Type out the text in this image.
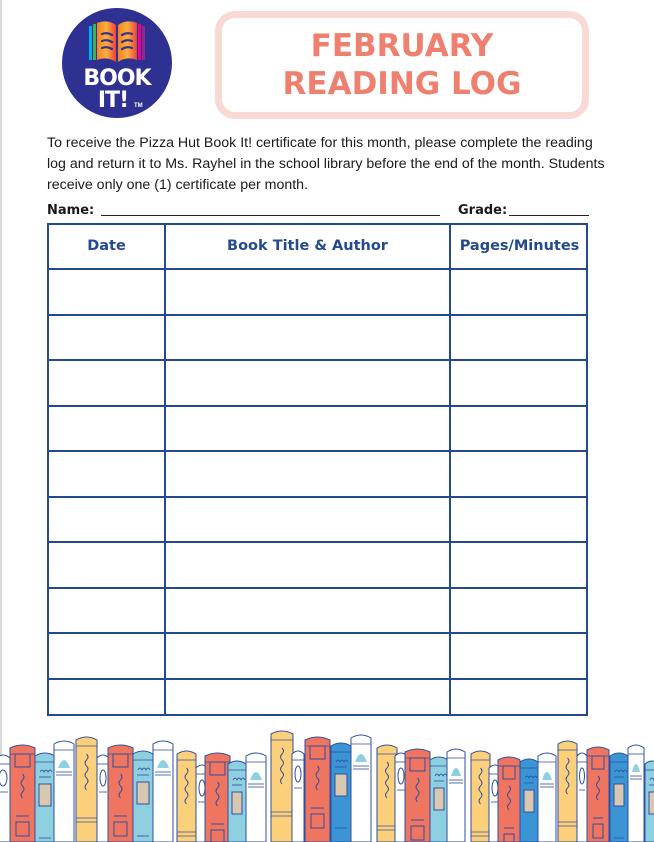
BOOK
IT! TM
FEBRUARY
READING LOG
To receive the Pizza Hut Book It! certificate for this month, please complete the reading log and return it to Ms. Rayhel in the school library before the end of the month. Students receive only one (1) certificate per month.
Name:	Grade:
Date	Book Title & Author	Pages/Minutes
